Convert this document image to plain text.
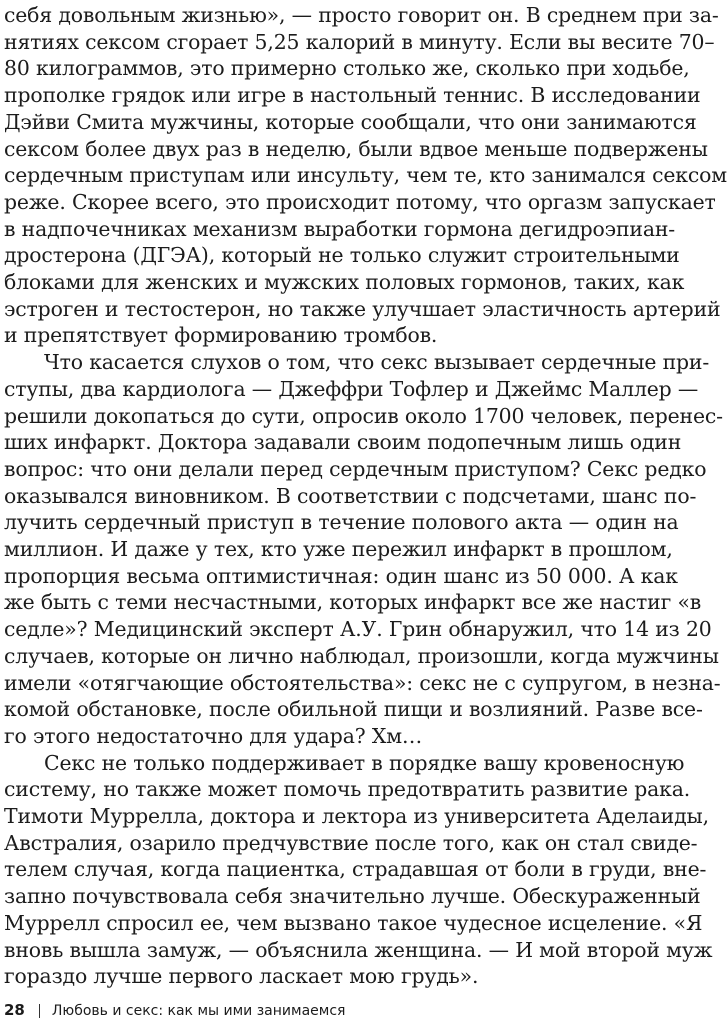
себя довольным жизнью», — просто говорит он. В среднем при за-
нятиях сексом сгорает 5,25 калорий в минуту. Если вы весите 70–
80 килограммов, это примерно столько же, сколько при ходьбе,
прополке грядок или игре в настольный теннис. В исследовании
Дэйви Смита мужчины, которые сообщали, что они занимаются
сексом более двух раз в неделю, были вдвое меньше подвержены
сердечным приступам или инсульту, чем те, кто занимался сексом
реже. Скорее всего, это происходит потому, что оргазм запускает
в надпочечниках механизм выработки гормона дегидроэпиан-
дростерона (ДГЭА), который не только служит строительными
блоками для женских и мужских половых гормонов, таких, как
эстроген и тестостерон, но также улучшает эластичность артерий
и препятствует формированию тромбов.
Что касается слухов о том, что секс вызывает сердечные при-
ступы, два кардиолога — Джеффри Тофлер и Джеймс Маллер —
решили докопаться до сути, опросив около 1700 человек, перенес-
ших инфаркт. Доктора задавали своим подопечным лишь один
вопрос: что они делали перед сердечным приступом? Секс редко
оказывался виновником. В соответствии с подсчетами, шанс по-
лучить сердечный приступ в течение полового акта — один на
миллион. И даже у тех, кто уже пережил инфаркт в прошлом,
пропорция весьма оптимистичная: один шанс из 50 000. А как
же быть с теми несчастными, которых инфаркт все же настиг «в
седле»? Медицинский эксперт А.У. Грин обнаружил, что 14 из 20
случаев, которые он лично наблюдал, произошли, когда мужчины
имели «отягчающие обстоятельства»: секс не с супругом, в незна-
комой обстановке, после обильной пищи и возлияний. Разве все-
го этого недостаточно для удара? Хм…
Секс не только поддерживает в порядке вашу кровеносную
систему, но также может помочь предотвратить развитие рака.
Тимоти Муррелла, доктора и лектора из университета Аделаиды,
Австралия, озарило предчувствие после того, как он стал свиде-
телем случая, когда пациентка, страдавшая от боли в груди, вне-
запно почувствовала себя значительно лучше. Обескураженный
Муррелл спросил ее, чем вызвано такое чудесное исцеление. «Я
вновь вышла замуж, — объяснила женщина. — И мой второй муж
гораздо лучше первого ласкает мою грудь».
28 Любовь и секс: как мы ими занимаемся
